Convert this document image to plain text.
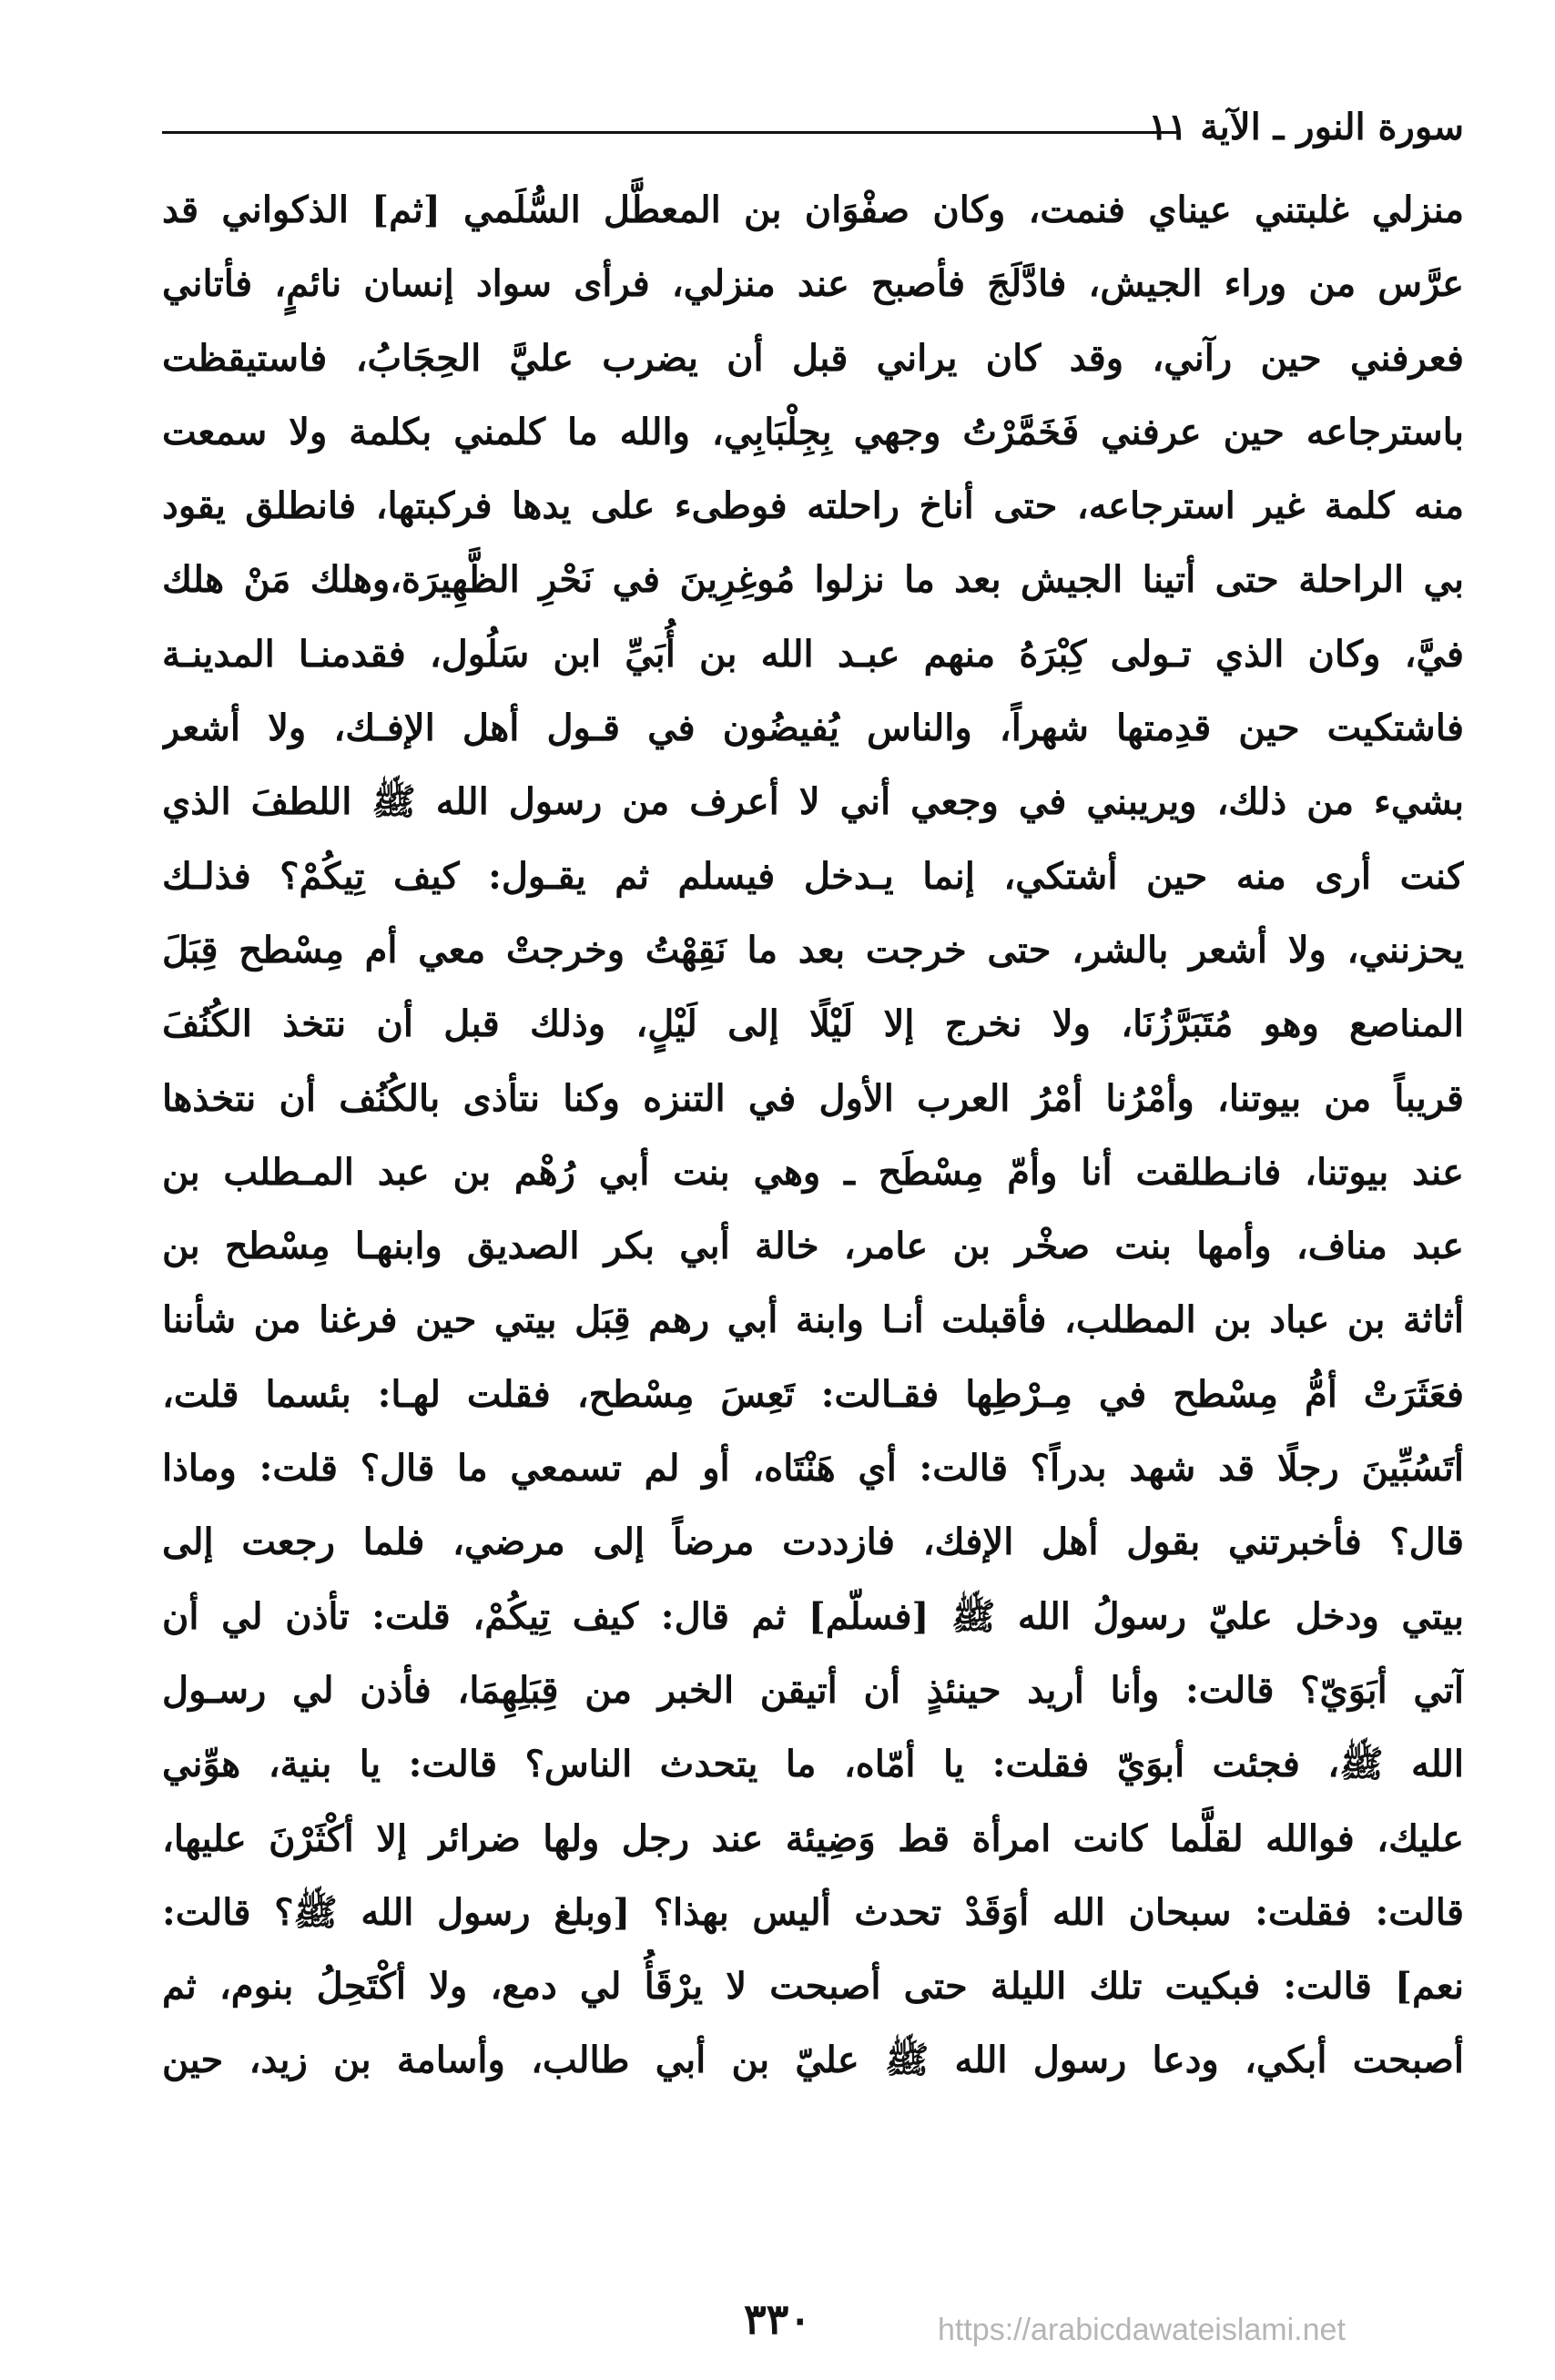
سورة النور ـ الآية ١١
منزلي غلبتني عيناي فنمت، وكان صفْوَان بن المعطَّل السُّلَمي [ثم] الذكواني قد
عرَّس من وراء الجيش، فادَّلَجَ فأصبح عند منزلي، فرأى سواد إنسان نائمٍ، فأتاني
فعرفني حين رآني، وقد كان يراني قبل أن يضرب عليَّ الحِجَابُ، فاستيقظت
باسترجاعه حين عرفني فَخَمَّرْتُ وجهي بِجِلْبَابِي، والله ما كلمني بكلمة ولا سمعت
منه كلمة غير استرجاعه، حتى أناخ راحلته فوطىء على يدها فركبتها، فانطلق يقود
بي الراحلة حتى أتينا الجيش بعد ما نزلوا مُوغِرِينَ في نَحْرِ الظَّهِيرَة،وهلك مَنْ هلك
فيَّ، وكان الذي تـولى كِبْرَهُ منهم عبـد الله بن أُبَيِّ ابن سَلُول، فقدمنـا المدينـة
فاشتكيت حين قدِمتها شهراً، والناس يُفيضُون في قـول أهل الإفـك، ولا أشعر
بشيء من ذلك، ويريبني في وجعي أني لا أعرف من رسول الله ﷺ اللطفَ الذي
كنت أرى منه حين أشتكي، إنما يـدخل فيسلم ثم يقـول: كيف تِيكُمْ؟ فذلـك
يحزنني، ولا أشعر بالشر، حتى خرجت بعد ما نَقِهْتُ وخرجتْ معي أم مِسْطح قِبَلَ
المناصع وهو مُتَبَرَّزُنَا، ولا نخرج إلا لَيْلًا إلى لَيْلٍ، وذلك قبل أن نتخذ الكُنُفَ
قريباً من بيوتنا، وأمْرُنا أمْرُ العرب الأول في التنزه وكنا نتأذى بالكُنُف أن نتخذها
عند بيوتنا، فانـطلقت أنا وأمّ مِسْطَح ـ وهي بنت أبي رُهْم بن عبد المـطلب بن
عبد مناف، وأمها بنت صخْر بن عامر، خالة أبي بكر الصديق وابنهـا مِسْطح بن
أثاثة بن عباد بن المطلب، فأقبلت أنـا وابنة أبي رهم قِبَل بيتي حين فرغنا من شأننا
فعَثَرَتْ أمُّ مِسْطح في مِـرْطِها فقـالت: تَعِسَ مِسْطح، فقلت لهـا: بئسما قلت،
أتَسُبِّينَ رجلًا قد شهد بدراً؟ قالت: أي هَنْتَاه، أو لم تسمعي ما قال؟ قلت: وماذا
قال؟ فأخبرتني بقول أهل الإفك، فازددت مرضاً إلى مرضي، فلما رجعت إلى
بيتي ودخل عليّ رسولُ الله ﷺ [فسلّم] ثم قال: كيف تِيكُمْ، قلت: تأذن لي أن
آتي أبَوَيّ؟ قالت: وأنا أريد حينئذٍ أن أتيقن الخبر من قِبَلِهِمَا، فأذن لي رسـول
الله ﷺ، فجئت أبوَيّ فقلت: يا أمّاه، ما يتحدث الناس؟ قالت: يا بنية، هوِّني
عليك، فوالله لقلَّما كانت امرأة قط وَضِيئة عند رجل ولها ضرائر إلا أكْثَرْنَ عليها،
قالت: فقلت: سبحان الله أوَقَدْ تحدث أليس بهذا؟ [وبلغ رسول الله ﷺ؟ قالت:
نعم] قالت: فبكيت تلك الليلة حتى أصبحت لا يرْقَأُ لي دمع، ولا أكْتَحِلُ بنوم، ثم
أصبحت أبكي، ودعا رسول الله ﷺ عليّ بن أبي طالب، وأسامة بن زيد، حين
٣٣٠	https://arabicdawateislami.net
